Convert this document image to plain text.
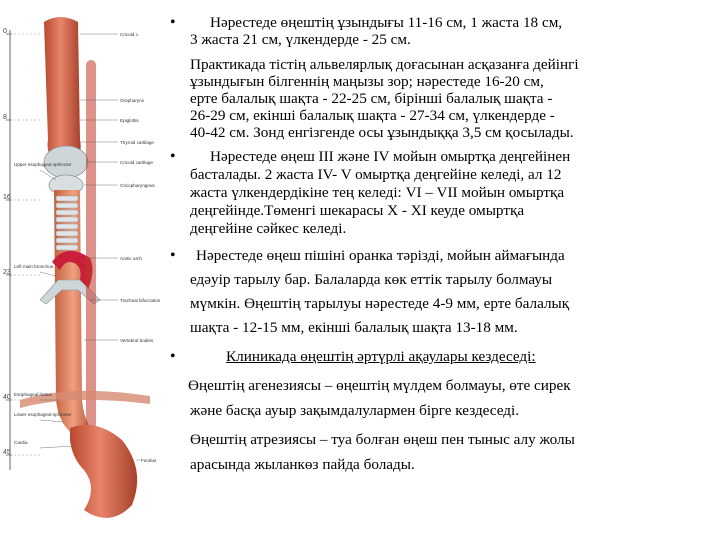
0
8
16
23
40
45
Cricoid c.
Oropharynx
Epiglottis
Thyroid cartilage
Cricoid cartilage
Cricopharyngeus
Upper esophageal sphincter
Aortic arch
Left main bronchus
Tracheal bifurcation
Vertebral bodies
Esophageal hiatus
Lower esophageal sphincter
Cardia
Fundus
•	Нәрестеде өңештің ұзындығы 11-16 см, 1 жаста 18 см,
3 жаста 21 см, үлкендерде - 25 см.
Практикада тістің альвелярлық доғасынан асқазанға дейінгі
ұзындығын білгеннің маңызы зор; нәрестеде 16-20 см,
ерте балалық шақта - 22-25 см, бірінші балалық шақта -
26-29 см, екінші балалық шақта - 27-34 см, үлкендерде -
40-42 см. Зонд енгізгенде осы ұзындыққа 3,5 см қосылады.
•	Нәрестеде өңеш III және IV мойын омыртқа деңгейінен
басталады. 2 жаста IV- V омыртқа деңгейіне келеді, ал 12
жаста үлкендердікіне тең келеді: VI – VII мойын омыртқа
деңгейінде.Төменгі шекарасы X - XI кеуде омыртқа
деңгейіне сәйкес келеді.
•	Нәрестеде өңеш пішіні оранка тәрізді, мойын аймағында
едәуір тарылу бар. Балаларда көк еттік тарылу болмауы
мүмкін. Өңештің тарылуы нәрестеде 4-9 мм, ерте балалық
шақта - 12-15 мм, екінші балалық шақта 13-18 мм.
•	Клиникада өңештің әртүрлі ақаулары кездеседі:
Өңештің агенезиясы – өңештің мүлдем болмауы, өте сирек
және басқа ауыр зақымдалулармен бірге кездеседі.
Өңештің атрезиясы – туа болған өңеш пен тыныс алу жолы
арасында жыланкөз пайда болады.
